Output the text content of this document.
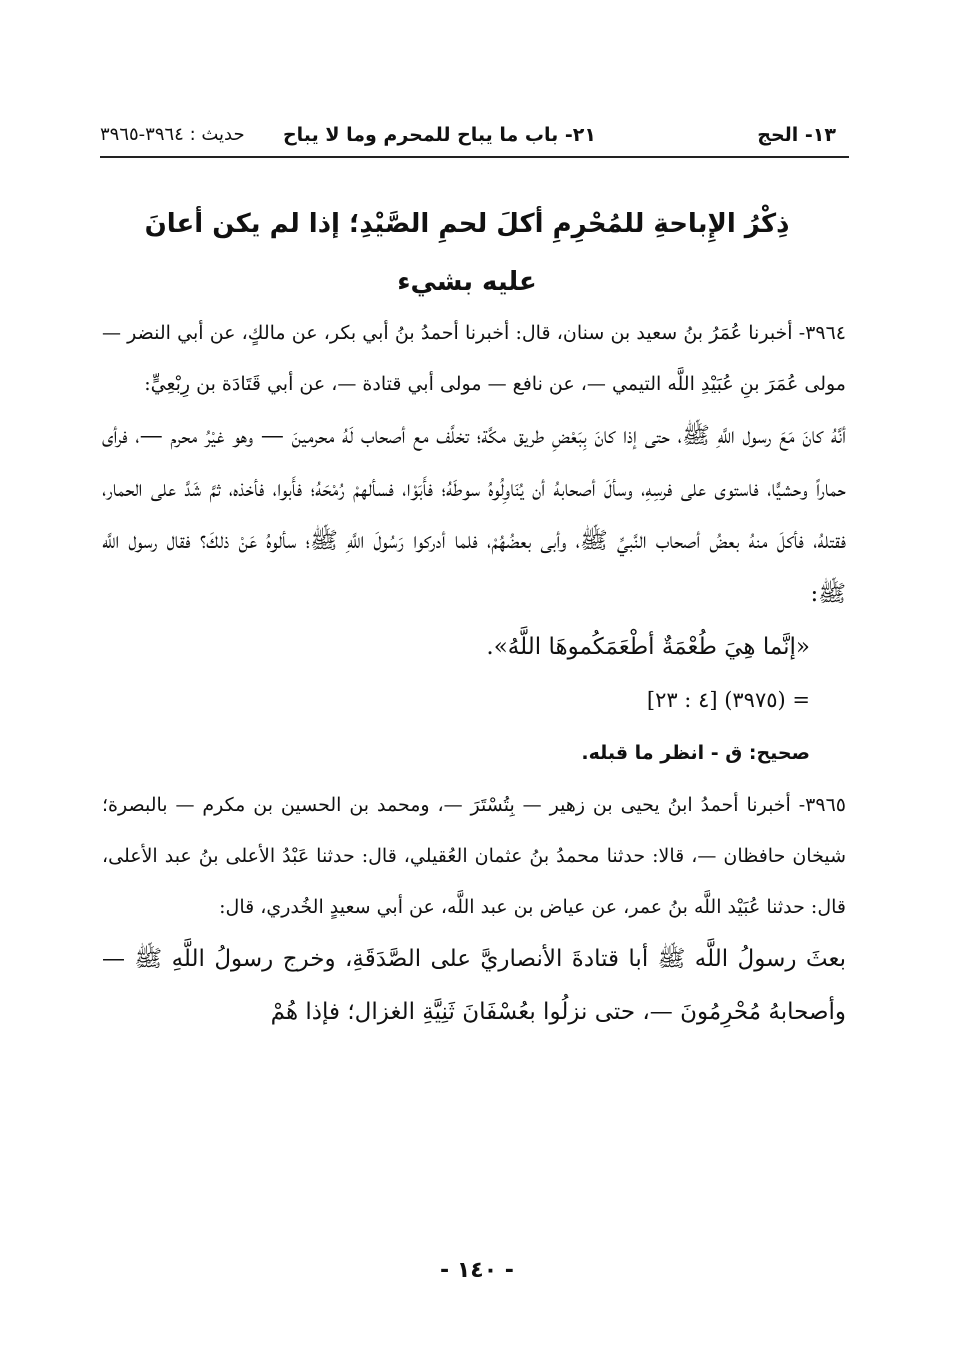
١٣- الحج
٢١- باب ما يباح للمحرم وما لا يباح
حديث : ٣٩٦٤-٣٩٦٥
ذِكْرُ الإِباحةِ للمُحْرِمِ أكلَ لحمِ الصَّيْدِ؛ إذا لم يكن أعانَ عليه بشيء

٣٩٦٤- أخبرنا عُمَرُ بنُ سعيد بن سنان، قال: أخبرنا أحمدُ بنُ أبي بكر، عن مالكٍ، عن أبي النضر — مولى عُمَرَ بنِ عُبَيْدِ اللَّه التيمي —، عن نافع — مولى أبي قتادة —، عن أبي قَتَادَة بن رِبْعِيٍّ:

أنَّهُ كانَ مَعَ رسول اللَّهِ ﷺ، حتى إذا كانَ بِبَعْضِ طريق مكَّة؛ تخلَّف مع أصحاب لَهُ محرمينَ — وهو غيْرُ محرم —، فرأى حماراً وحشيًّا، فاستوى على فرسِهِ، وسألَ أصحابهُ أن يُنَاوِلُوهُ سوطَهُ؛ فأَبَوْا، فسألهمْ رُمْحَهُ؛ فأَبوا، فأخذه، ثمَّ شَدَّ على الحمار، فقتلهُ، فأكلَ منهُ بعضُ أصحاب النَّبيِّ ﷺ، وأبى بعضُهُمْ، فلما أدركوا رَسُولَ اللَّهِ ﷺ؛ سألوهُ عَنْ ذلكَ؟ فقال رسول اللَّه ﷺ:

«إنَّما هِيَ طُعْمَةٌ أطْعَمَكُموهَا اللَّهُ».

= (٣٩٧٥) [٤ : ٢٣]

صحيح: ق - انظر ما قبله.

٣٩٦٥- أخبرنا أحمدُ ابنُ يحيى بن زهير — بِتُسْتَرَ —، ومحمد بن الحسين بن مكرم — بالبصرة؛ شيخان حافظان —، قالا: حدثنا محمدُ بنُ عثمان العُقيلي، قال: حدثنا عَبْدُ الأعلى بنُ عبد الأعلى، قال: حدثنا عُبَيْد اللَّه بنُ عمر، عن عياض بن عبد اللَّه، عن أبي سعيدٍ الخُدري، قال:

بعثَ رسولُ اللَّه ﷺ أبا قتادةَ الأنصاريَّ على الصَّدَقَةِ، وخرج رسولُ اللَّهِ ﷺ — وأصحابهُ مُحْرِمُونَ —، حتى نزلُوا بعُسْفَانَ ثَنِيَّةِ الغزال؛ فإذا هُمْ

- ١٤٠ -
